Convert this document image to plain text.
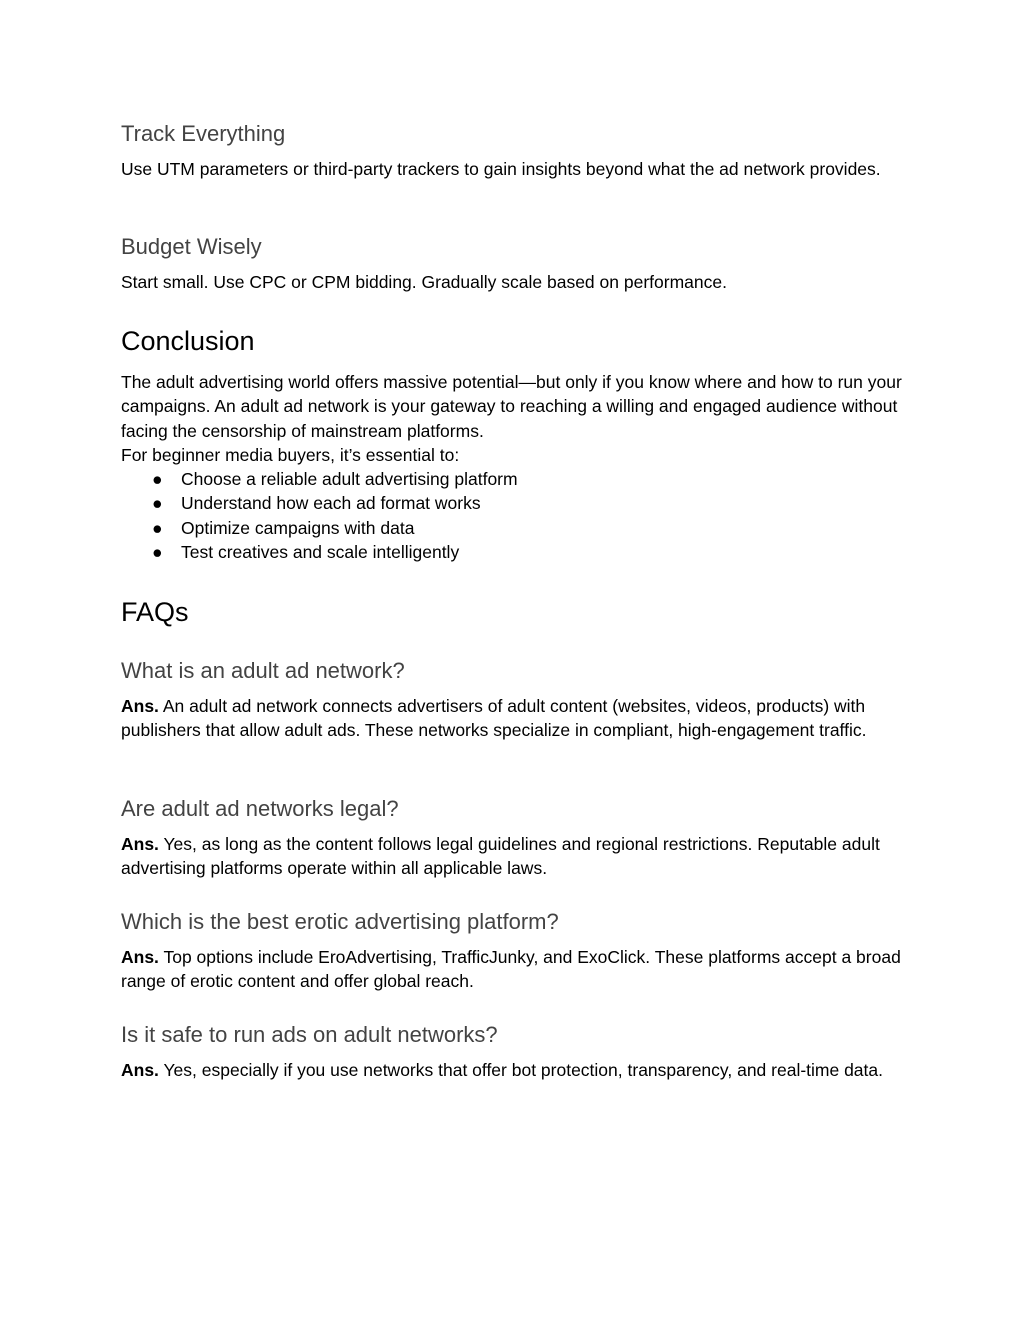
Track Everything

Use UTM parameters or third-party trackers to gain insights beyond what the ad network provides.

Budget Wisely

Start small. Use CPC or CPM bidding. Gradually scale based on performance.

Conclusion

The adult advertising world offers massive potential—but only if you know where and how to run your campaigns. An adult ad network is your gateway to reaching a willing and engaged audience without facing the censorship of mainstream platforms.

For beginner media buyers, it’s essential to:

● Choose a reliable adult advertising platform
● Understand how each ad format works
● Optimize campaigns with data
● Test creatives and scale intelligently
FAQs
What is an adult ad network?

Ans. An adult ad network connects advertisers of adult content (websites, videos, products) with publishers that allow adult ads. These networks specialize in compliant, high-engagement traffic.

Are adult ad networks legal?

Ans. Yes, as long as the content follows legal guidelines and regional restrictions. Reputable adult advertising platforms operate within all applicable laws.

Which is the best erotic advertising platform?

Ans. Top options include EroAdvertising, TrafficJunky, and ExoClick. These platforms accept a broad range of erotic content and offer global reach.

Is it safe to run ads on adult networks?

Ans. Yes, especially if you use networks that offer bot protection, transparency, and real-time data.
